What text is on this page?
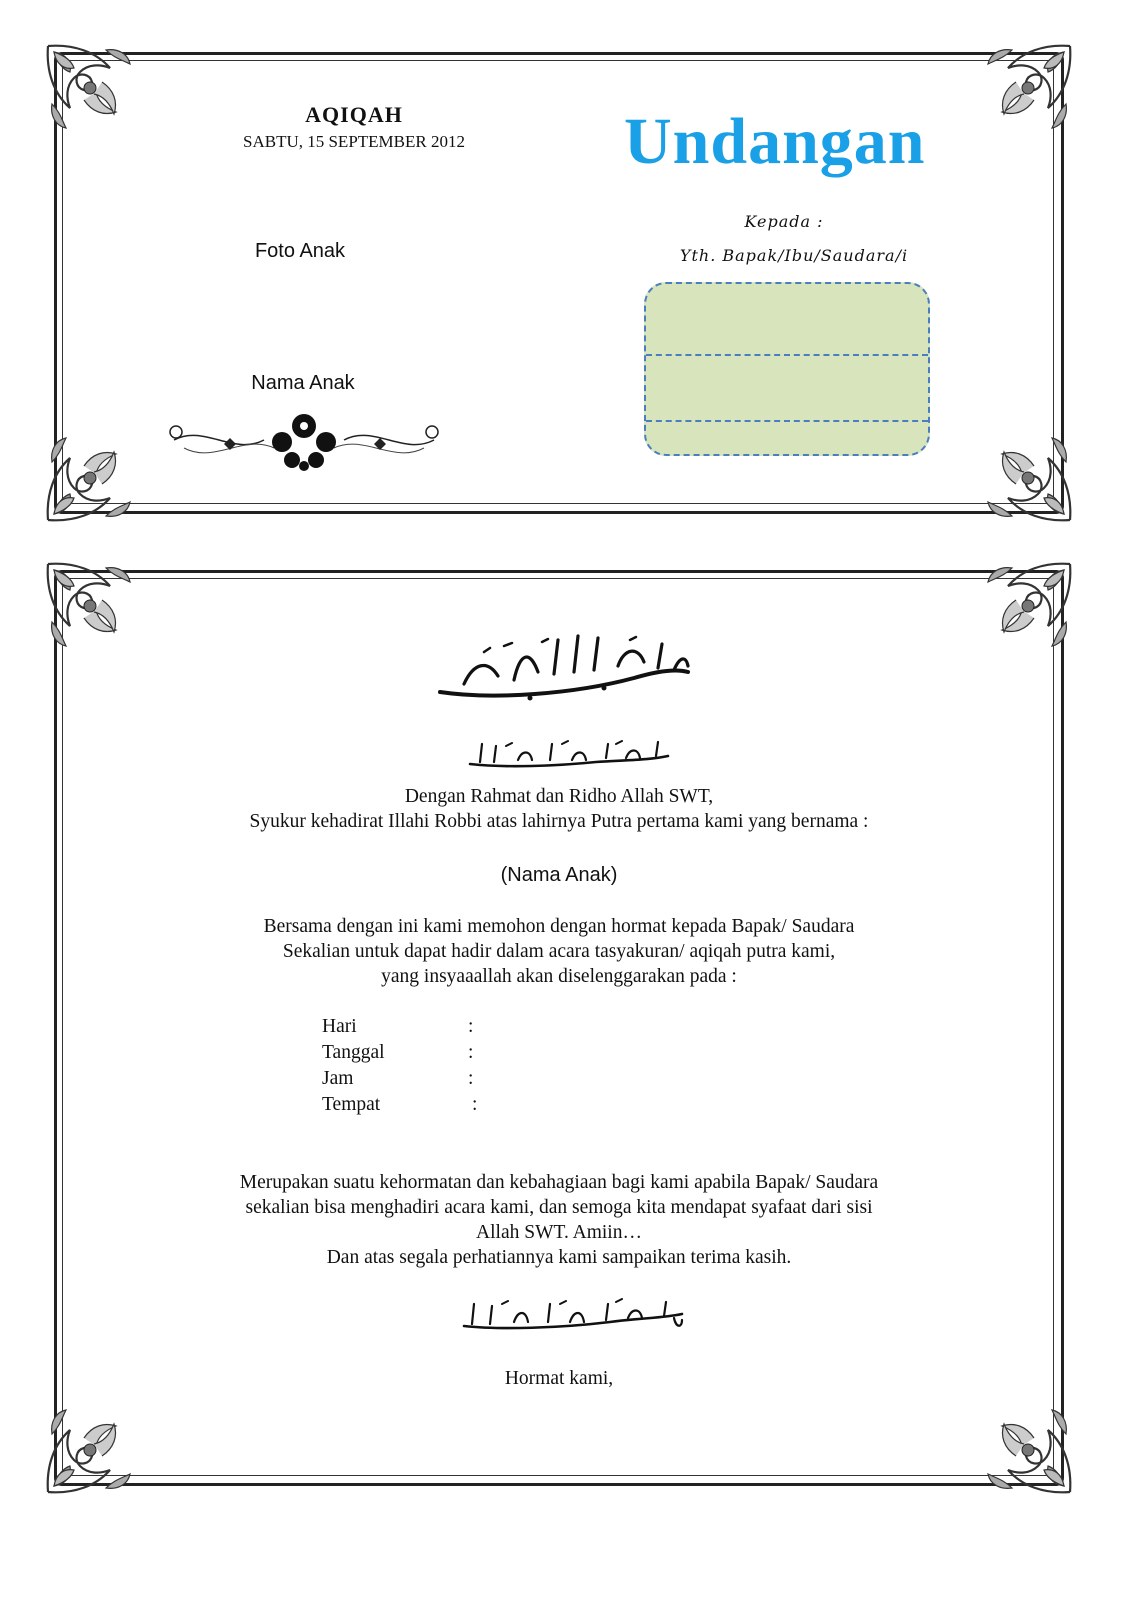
AQIQAH
SABTU, 15 SEPTEMBER 2012
Foto Anak
Nama Anak
Undangan
Kepada :
Yth. Bapak/Ibu/Saudara/i
Dengan Rahmat dan Ridho Allah SWT,
Syukur kehadirat Illahi Robbi atas lahirnya Putra pertama kami yang bernama :
(Nama Anak)
Bersama dengan ini kami memohon dengan hormat kepada Bapak/ Saudara
Sekalian untuk dapat hadir dalam acara tasyakuran/ aqiqah putra kami,
yang insyaaallah akan diselenggarakan pada :
Hari	:
Tanggal	:
Jam	:
Tempat	:
Merupakan suatu kehormatan dan kebahagiaan bagi kami apabila Bapak/ Saudara
sekalian bisa menghadiri acara kami, dan semoga kita mendapat syafaat dari sisi
Allah SWT. Amiin…
Dan atas segala perhatiannya kami sampaikan terima kasih.
Hormat kami,
